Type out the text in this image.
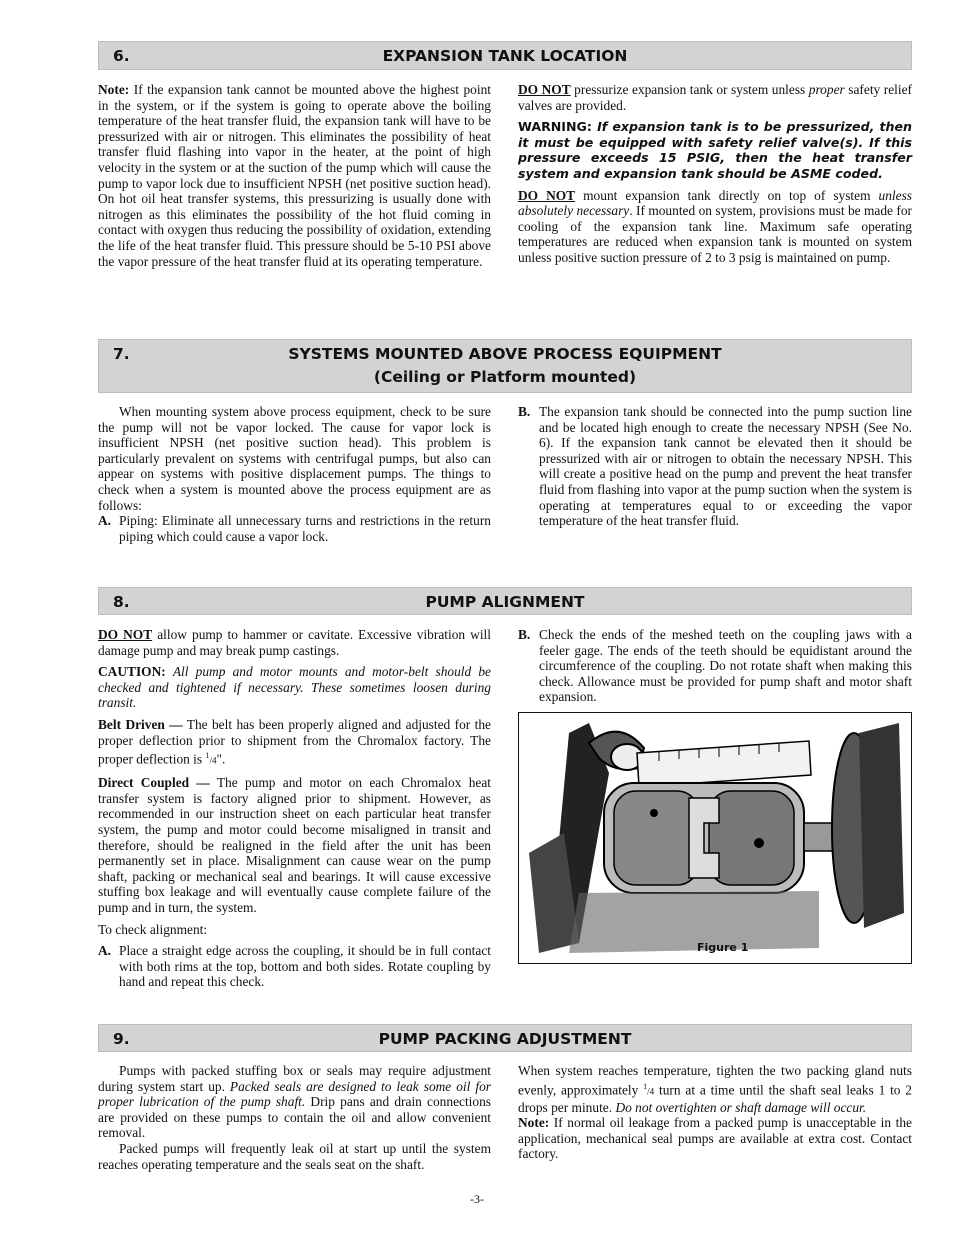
6.	EXPANSION TANK LOCATION

Note: If the expansion tank cannot be mounted above the highest point in the system, or if the system is going to operate above the boiling temperature of the heat transfer fluid, the expansion tank will have to be pressurized with air or nitrogen. This eliminates the possibility of heat transfer fluid flashing into vapor in the heater, at the point of high velocity in the system or at the suction of the pump which will cause the pump to vapor lock due to insufficient NPSH (net positive suction head). On hot oil heat transfer systems, this pressurizing is usually done with nitrogen as this eliminates the possibility of the hot fluid coming in contact with oxygen thus reducing the possibility of oxidation, extending the life of the heat transfer fluid. This pressure should be 5-10 PSI above the vapor pressure of the heat transfer fluid at its operating temperature.

DO NOT pressurize expansion tank or system unless proper safety relief valves are provided.

WARNING: If expansion tank is to be pressurized, then it must be equipped with safety relief valve(s). If this pressure exceeds 15 PSIG, then the heat transfer system and expansion tank should be ASME coded.

DO NOT mount expansion tank directly on top of system unless absolutely necessary. If mounted on system, provisions must be made for cooling of the expansion tank line. Maximum safe operating temperatures are reduced when expansion tank is mounted on system unless positive suction pressure of 2 to 3 psig is maintained on pump.

7.	SYSTEMS MOUNTED ABOVE PROCESS EQUIPMENT
(Ceiling or Platform mounted)

When mounting system above process equipment, check to be sure the pump will not be vapor locked. The cause for vapor lock is insufficient NPSH (net positive suction head). This problem is particularly prevalent on systems with centrifugal pumps, but also can appear on systems with positive displacement pumps. The things to check when a system is mounted above the process equipment are as follows:

A. Piping: Eliminate all unnecessary turns and restrictions in the return piping which could cause a vapor lock.
B. The expansion tank should be connected into the pump suction line and be located high enough to create the necessary NPSH (See No. 6). If the expansion tank cannot be elevated then it should be pressurized with air or nitrogen to obtain the necessary NPSH. This will create a positive head on the pump and prevent the heat transfer fluid from flashing into vapor at the pump suction when the system is operating at temperatures equal to or exceeding the vapor temperature of the heat transfer fluid.
8.	PUMP ALIGNMENT

DO NOT allow pump to hammer or cavitate. Excessive vibration will damage pump and may break pump castings.

CAUTION: All pump and motor mounts and motor-belt should be checked and tightened if necessary. These sometimes loosen during transit.

Belt Driven — The belt has been properly aligned and adjusted for the proper deflection prior to shipment from the Chromalox factory. The proper deflection is $^1$/4".

Direct Coupled — The pump and motor on each Chromalox heat transfer system is factory aligned prior to shipment. However, as recommended in our instruction sheet on each particular heat transfer system, the pump and motor could become misaligned in transit and therefore, should be realigned in the field after the unit has been permanently set in place. Misalignment can cause wear on the pump shaft, packing or mechanical seal and bearings. It will cause excessive stuffing box leakage and will eventually cause complete failure of the pump and in turn, the system.

To check alignment:

A. Place a straight edge across the coupling, it should be in full contact with both rims at the top, bottom and both sides. Rotate coupling by hand and repeat this check.
B. Check the ends of the meshed teeth on the coupling jaws with a feeler gage. The ends of the teeth should be equidistant around the circumference of the coupling. Do not rotate shaft when making this check. Allowance must be provided for pump shaft and motor shaft expansion.
Figure 1
9.	PUMP PACKING ADJUSTMENT

Pumps with packed stuffing box or seals may require adjustment during system start up. Packed seals are designed to leak some oil for proper lubrication of the pump shaft. Drip pans and drain connections are provided on these pumps to contain the oil and allow convenient removal.

Packed pumps will frequently leak oil at start up until the system reaches operating temperature and the seals seat on the shaft.

When system reaches temperature, tighten the two packing gland nuts evenly, approximately $^1$/4 turn at a time until the shaft seal leaks 1 to 2 drops per minute. Do not overtighten or shaft damage will occur.

Note: If normal oil leakage from a packed pump is unacceptable in the application, mechanical seal pumps are available at extra cost. Contact factory.

-3-
